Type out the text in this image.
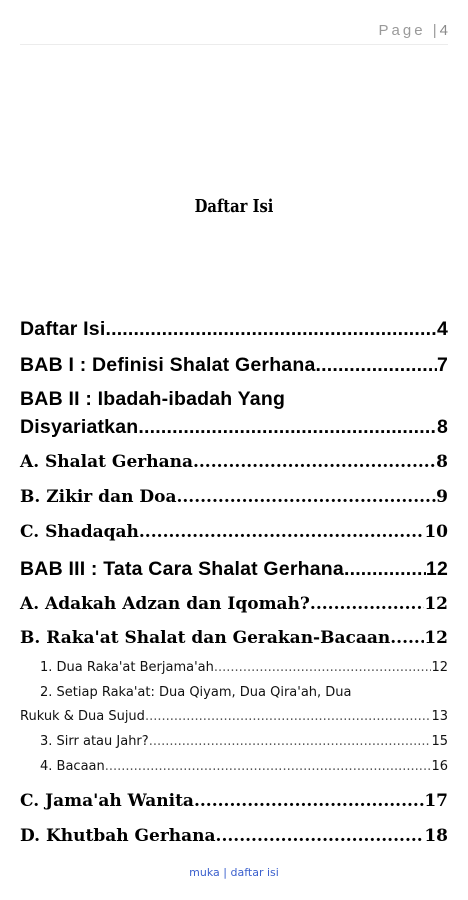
Page |4
Daftar Isi
Daftar Isi .....	4
BAB I : Definisi Shalat Gerhana .....	7
BAB II : Ibadah-ibadah Yang
Disyariatkan .....	8
A. Shalat Gerhana .....	8
B. Zikir dan Doa .....	9
C. Shadaqah .....	10
BAB III : Tata Cara Shalat Gerhana .....	12
A. Adakah Adzan dan Iqomah? .....	12
B. Raka'at Shalat dan Gerakan-Bacaan ..... 12
1. Dua Raka'at Berjama'ah .....	12
2. Setiap Raka'at: Dua Qiyam, Dua Qira'ah, Dua
Rukuk & Dua Sujud .....	13
3. Sirr atau Jahr? .....	15
4. Bacaan .....	16
C. Jama'ah Wanita .....	17
D. Khutbah Gerhana .....	18
muka | daftar isi
